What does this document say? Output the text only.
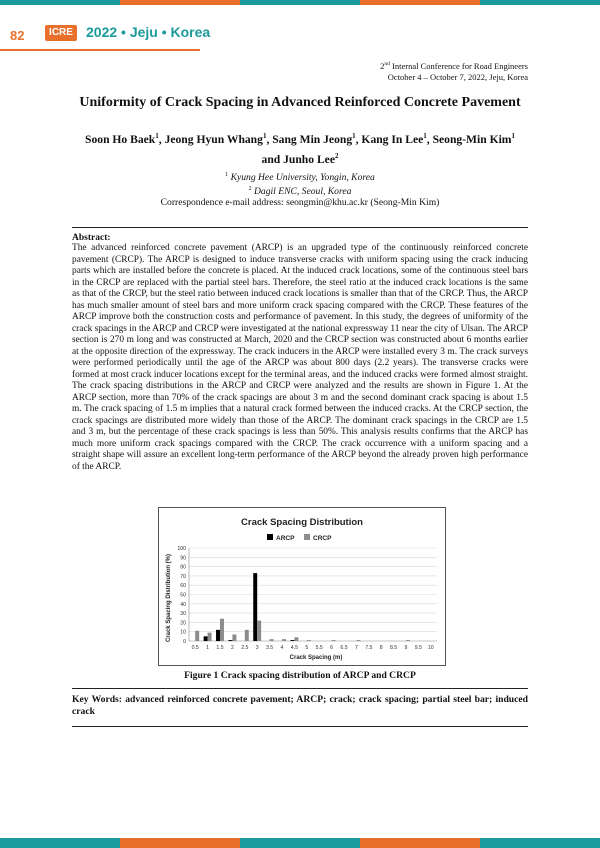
82	ICRE 2022 • Jeju • Korea
2nd Internal Conference for Road Engineers
October 4 – October 7, 2022, Jeju, Korea
Uniformity of Crack Spacing in Advanced Reinforced Concrete Pavement
Soon Ho Baek$^1$, Jeong Hyun Whang$^1$, Sang Min Jeong$^1$, Kang In Lee$^1$, Seong-Min Kim$^1$
and Junho Lee$^2$
$^1$ Kyung Hee University, Yongin, Korea
$^2$ Dagil ENC, Seoul, Korea
Correspondence e-mail address: seongmin@khu.ac.kr (Seong-Min Kim)
Abstract:

The advanced reinforced concrete pavement (ARCP) is an upgraded type of the continuously reinforced concrete pavement (CRCP). The ARCP is designed to induce transverse cracks with uniform spacing using the crack inducing parts which are installed before the concrete is placed. At the induced crack locations, some of the continuous steel bars in the CRCP are replaced with the partial steel bars. Therefore, the steel ratio at the induced crack locations is the same as that of the CRCP, but the steel ratio between induced crack locations is smaller than that of the CRCP. Thus, the ARCP has much smaller amount of steel bars and more uniform crack spacing compared with the CRCP. These features of the ARCP improve both the construction costs and performance of pavement. In this study, the degrees of uniformity of the crack spacings in the ARCP and CRCP were investigated at the national expressway 11 near the city of Ulsan. The ARCP section is 270 m long and was constructed at March, 2020 and the CRCP section was constructed about 6 months earlier at the opposite direction of the expressway. The crack inducers in the ARCP were installed every 3 m. The crack surveys were performed periodically until the age of the ARCP was about 800 days (2.2 years). The transverse cracks were formed at most crack inducer locations except for the terminal areas, and the induced cracks were formed almost straight. The crack spacing distributions in the ARCP and CRCP were analyzed and the results are shown in Figure 1. At the ARCP section, more than 70% of the crack spacings are about 3 m and the second dominant crack spacing is about 1.5 m. The crack spacing of 1.5 m implies that a natural crack formed between the induced cracks. At the CRCP section, the crack spacings are distributed more widely than those of the ARCP. The dominant crack spacings in the CRCP are 1.5 and 3 m, but the percentage of these crack spacings is less than 50%. This analysis results confirms that the ARCP has much more uniform crack spacings compared with the CRCP. The crack occurrence with a uniform spacing and a straight shape will assure an excellent long-term performance of the ARCP beyond the already proven high performance of the ARCP.

Crack Spacing Distribution
ARCP	CRCP
0
10
20
30
40
50
60
70
80
90
100
0.5 1 1.5 2 2.5 3 3.5 4 4.5 5 5.5 6 6.5 7 7.5 8 8.5 9 9.5 10
Crack Spacing Distribution (%)
Crack Spacing (m)
Figure 1 Crack spacing distribution of ARCP and CRCP
Key Words: advanced reinforced concrete pavement; ARCP; crack; crack spacing; partial steel bar; induced crack
